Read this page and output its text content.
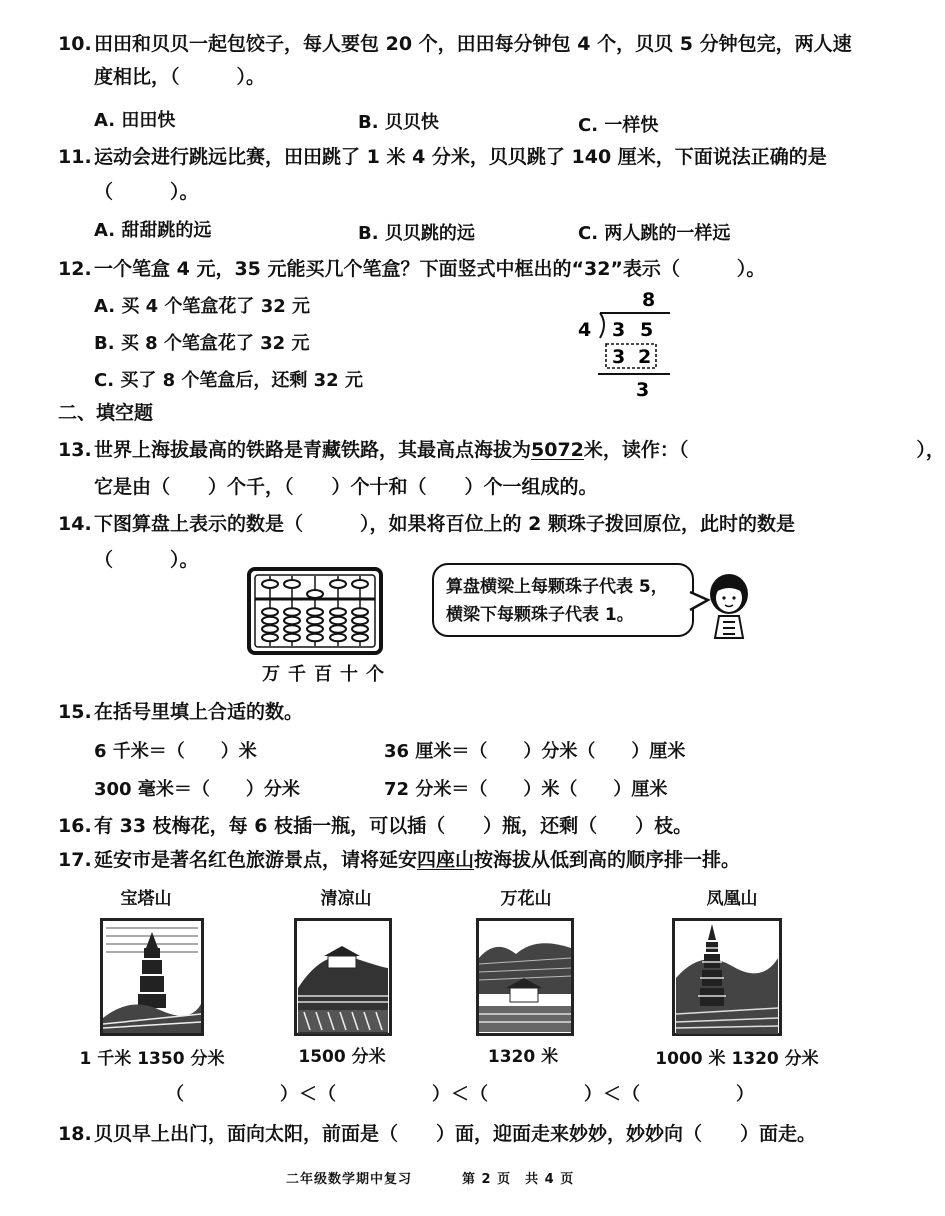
10. 田田和贝贝一起包饺子，每人要包 20 个，田田每分钟包 4 个，贝贝 5 分钟包完，两人速
度相比，（　　　）。
A. 田田快	B. 贝贝快	C. 一样快
11. 运动会进行跳远比赛，田田跳了 1 米 4 分米，贝贝跳了 140 厘米，下面说法正确的是
（　　　）。
A. 甜甜跳的远	B. 贝贝跳的远	C. 两人跳的一样远
12. 一个笔盒 4 元，35 元能买几个笔盒？下面竖式中框出的“32”表示（　　　）。
A. 买 4 个笔盒花了 32 元
B. 买 8 个笔盒花了 32 元
C. 买了 8 个笔盒后，还剩 32 元
8
4 3 5
3 2
3
二、填空题
13. 世界上海拔最高的铁路是青藏铁路，其最高点海拔为5072米，读作：（　　　　　　　　　　　　），
它是由（　　）个千，（　　）个十和（　　）个一组成的。
14. 下图算盘上表示的数是（　　　），如果将百位上的 2 颗珠子拨回原位，此时的数是
（　　　）。
万千百十个
算盘横梁上每颗珠子代表 5，
横梁下每颗珠子代表 1。
15. 在括号里填上合适的数。
6 千米＝（　　）米	36 厘米＝（　　）分米（　　）厘米
300 毫米＝（　　）分米	72 分米＝（　　）米（　　）厘米
16. 有 33 枝梅花，每 6 枝插一瓶，可以插（　　）瓶，还剩（　　）枝。
17. 延安市是著名红色旅游景点，请将延安四座山按海拔从低到高的顺序排一排。
宝塔山	清凉山	万花山	凤凰山
1 千米 1350 分米	1500 分米	1320 米	1000 米 1320 分米
（　　　　　）＜（　　　　　）＜（　　　　　）＜（　　　　　）
18. 贝贝早上出门，面向太阳，前面是（　　）面，迎面走来妙妙，妙妙向（　　）面走。
二年级数学期中复习	第 2 页　共 4 页
